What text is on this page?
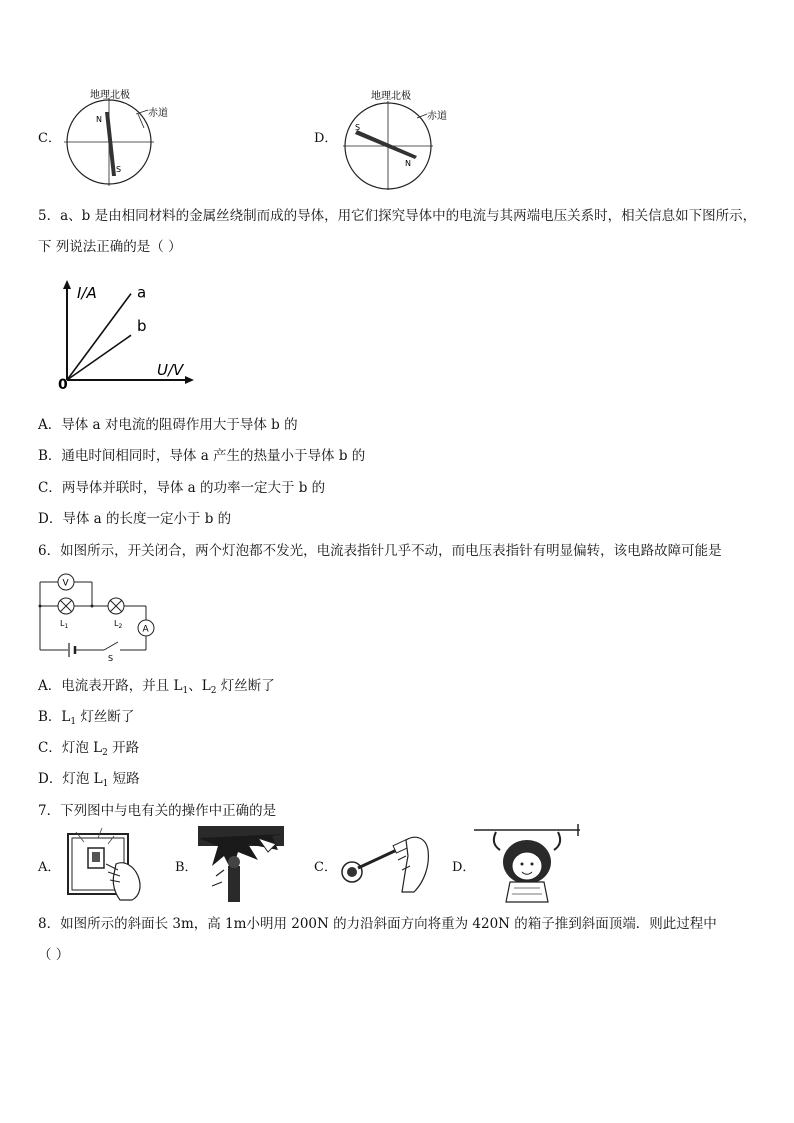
C．
地理北极
赤道
N
S
D．
地理北极
赤道
S
N
5．a、b 是由相同材料的金属丝绕制而成的导体，用它们探究导体中的电流与其两端电压关系时，相关信息如下图所示，
下 列说法正确的是（ ）
I/A
U/V
0
a
b
A．导体 a 对电流的阻碍作用大于导体 b 的
B．通电时间相同时，导体 a 产生的热量小于导体 b 的
C．两导体并联时，导体 a 的功率一定大于 b 的
D．导体 a 的长度一定小于 b 的
6．如图所示，开关闭合，两个灯泡都不发光，电流表指针几乎不动，而电压表指针有明显偏转，该电路故障可能是
V
A
$L_1$	$L_2$
S
A．电流表开路，并且 $L_1$、$L_2$ 灯丝断了
B．$L_1$ 灯丝断了
C．灯泡 $L_2$ 开路
D．灯泡 $L_1$ 短路
7．下列图中与电有关的操作中正确的是
A．	B．	C．	D．
8．如图所示的斜面长 3m，高 1m小明用 200N 的力沿斜面方向将重为 420N 的箱子推到斜面顶端．则此过程中
（ ）
